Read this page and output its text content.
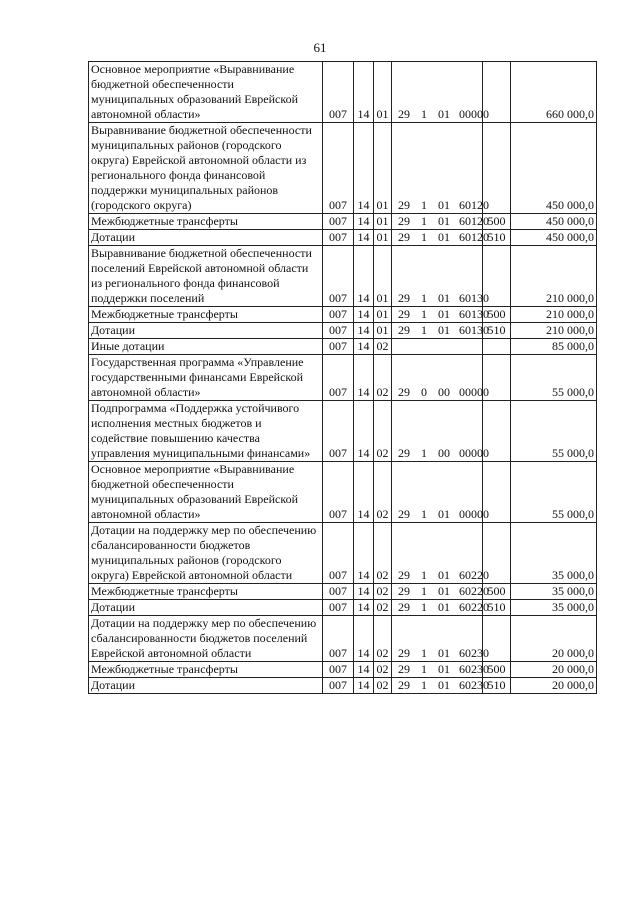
61
Основное мероприятие «Выравнивание бюджетной обеспеченности муниципальных образований Еврейской автономной области»	007	14	01	29 1 01 00000		660 000,0
Выравнивание бюджетной обеспеченности муниципальных районов (городского округа) Еврейской автономной области из регионального фонда финансовой поддержки муниципальных районов (городского округа)	007	14	01	29 1 01 60120		450 000,0
Межбюджетные трансферты	007	14	01	29 1 01 60120	500	450 000,0
Дотации	007	14	01	29 1 01 60120	510	450 000,0
Выравнивание бюджетной обеспеченности поселений Еврейской автономной области из регионального фонда финансовой поддержки поселений	007	14	01	29 1 01 60130		210 000,0
Межбюджетные трансферты	007	14	01	29 1 01 60130	500	210 000,0
Дотации	007	14	01	29 1 01 60130	510	210 000,0
Иные дотации	007	14	02			85 000,0
Государственная программа «Управление государственными финансами Еврейской автономной области»	007	14	02	29 0 00 00000		55 000,0
Подпрограмма «Поддержка устойчивого исполнения местных бюджетов и содействие повышению качества управления муниципальными финансами»	007	14	02	29 1 00 00000		55 000,0
Основное мероприятие «Выравнивание бюджетной обеспеченности муниципальных образований Еврейской автономной области»	007	14	02	29 1 01 00000		55 000,0
Дотации на поддержку мер по обеспечению сбалансированности бюджетов муниципальных районов (городского округа) Еврейской автономной области	007	14	02	29 1 01 60220		35 000,0
Межбюджетные трансферты	007	14	02	29 1 01 60220	500	35 000,0
Дотации	007	14	02	29 1 01 60220	510	35 000,0
Дотации на поддержку мер по обеспечению сбалансированности бюджетов поселений Еврейской автономной области	007	14	02	29 1 01 60230		20 000,0
Межбюджетные трансферты	007	14	02	29 1 01 60230	500	20 000,0
Дотации	007	14	02	29 1 01 60230	510	20 000,0
